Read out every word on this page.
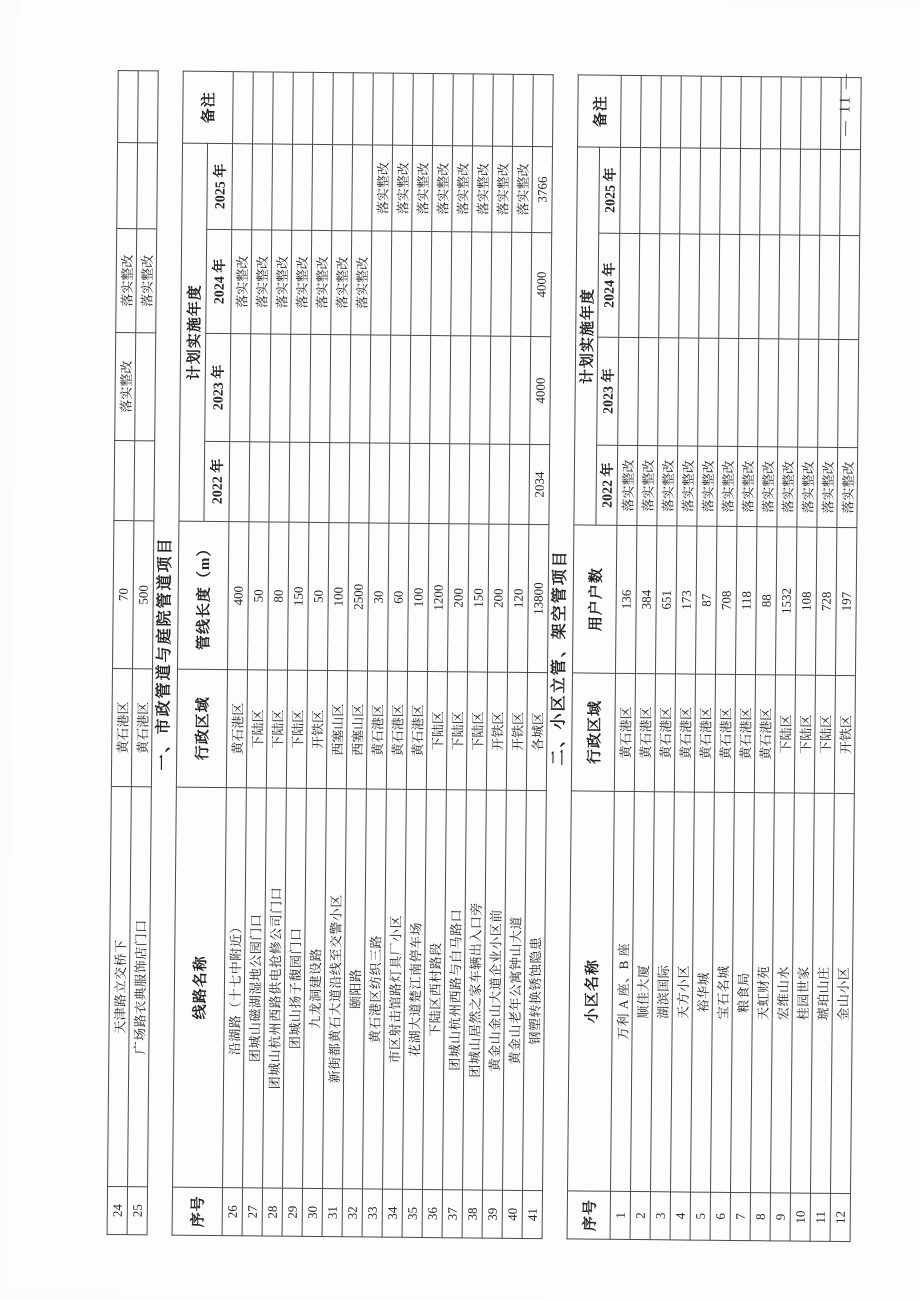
24	天津路立交桥下	黄石港区	70		落实整改	落实整改		
25	广场路衣典服饰店门口	黄石港区	500			落实整改		
一、市政管道与庭院管道项目
序号	线路名称	行政区域	管线长度（m）	计划实施年度				备注
				2022 年	2023 年	2024 年	2025 年	
26	沿湖路（十七中附近）	黄石港区	400			落实整改		
27	团城山磁湖湿地公园门口	下陆区	50			落实整改		
28	团城山杭州西路供电抢修公司门口	下陆区	80			落实整改		
29	团城山扬子馥园门口	下陆区	150			落实整改		
30	九龙洞建设路	开铁区	50			落实整改		
31	新街都黄石大道沿线至交警小区	西塞山区	100			落实整改		
32	颐阳路	西塞山区	2500			落实整改		
33	黄石港区纺织三路	黄石港区	30				落实整改	
34	市区射击馆路灯具厂小区	黄石港区	60				落实整改	
35	花湖大道楚江南停车场	黄石港区	100				落实整改	
36	下陆区西村路段	下陆区	1200				落实整改	
37	团城山杭州西路与白马路口	下陆区	200				落实整改	
38	团城山居然之家车辆出入口旁	下陆区	150				落实整改	
39	黄金山金山大道企业小区前	开铁区	200				落实整改	
40	黄金山老年公寓钟山大道	开铁区	120				落实整改	
41	钢塑转换锈蚀隐患	各城区	13800	2034	4000	4000	3766	
二、小区立管、架空管项目
序号	小区名称	行政区域	用户户数	计划实施年度				备注
				2022 年	2023 年	2024 年	2025 年	
1	万利 A 座、B 座	黄石港区	136	落实整改				
2	顺佳大厦	黄石港区	384	落实整改				
3	湖滨国际	黄石港区	651	落实整改				
4	天方小区	黄石港区	173	落实整改				
5	裕华城	黄石港区	87	落实整改				
6	宝石名城	黄石港区	708	落实整改				
7	粮食局	黄石港区	118	落实整改				
8	天虹财苑	黄石港区	88	落实整改				
9	宏维山水	下陆区	1532	落实整改				
10	桂园世家	下陆区	108	落实整改				
11	琥珀山庄	下陆区	728	落实整改				
12	金山小区	开铁区	197	落实整改				
— 11 —
